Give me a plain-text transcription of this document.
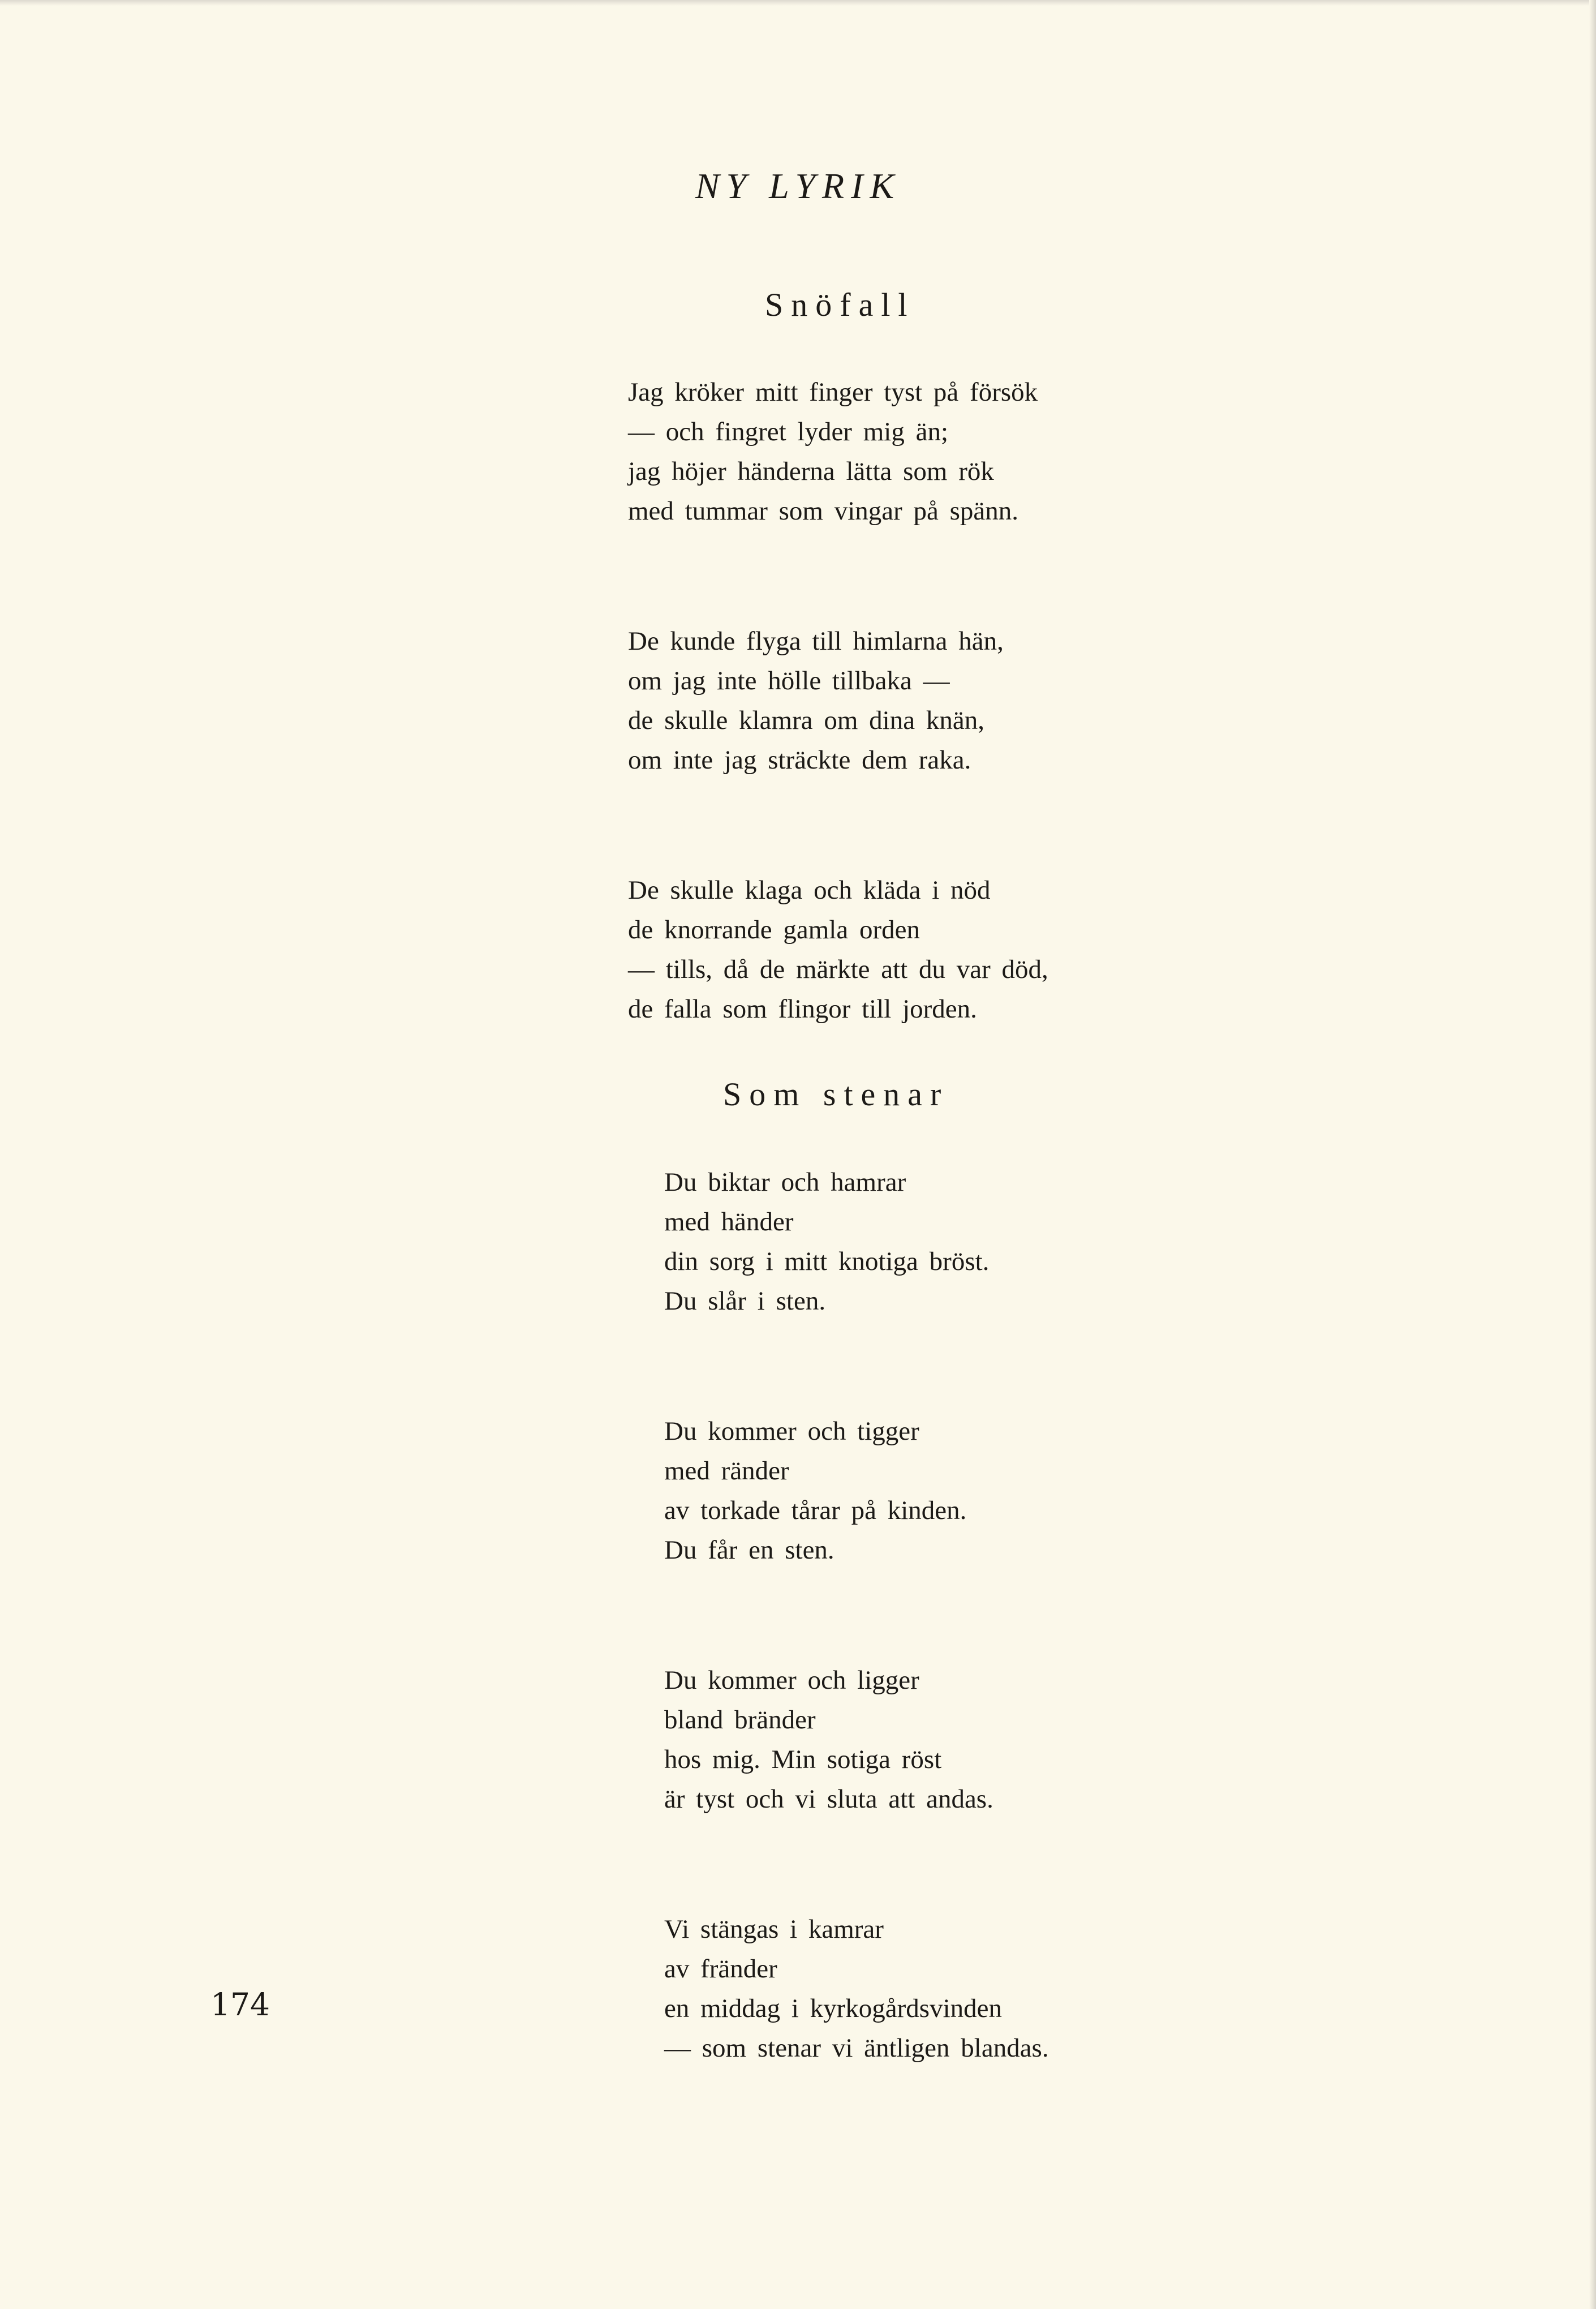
NY LYRIK
Snöfall
Jag kröker mitt finger tyst på försök
— och fingret lyder mig än;
jag höjer händerna lätta som rök
med tummar som vingar på spänn.
De kunde flyga till himlarna hän,
om jag inte hölle tillbaka —
de skulle klamra om dina knän,
om inte jag sträckte dem raka.
De skulle klaga och kläda i nöd
de knorrande gamla orden
— tills, då de märkte att du var död,
de falla som flingor till jorden.
Som stenar
Du biktar och hamrar
med händer
din sorg i mitt knotiga bröst.
Du slår i sten.
Du kommer och tigger
med ränder
av torkade tårar på kinden.
Du får en sten.
Du kommer och ligger
bland bränder
hos mig. Min sotiga röst
är tyst och vi sluta att andas.
Vi stängas i kamrar
av fränder
en middag i kyrkogårdsvinden
— som stenar vi äntligen blandas.
174
